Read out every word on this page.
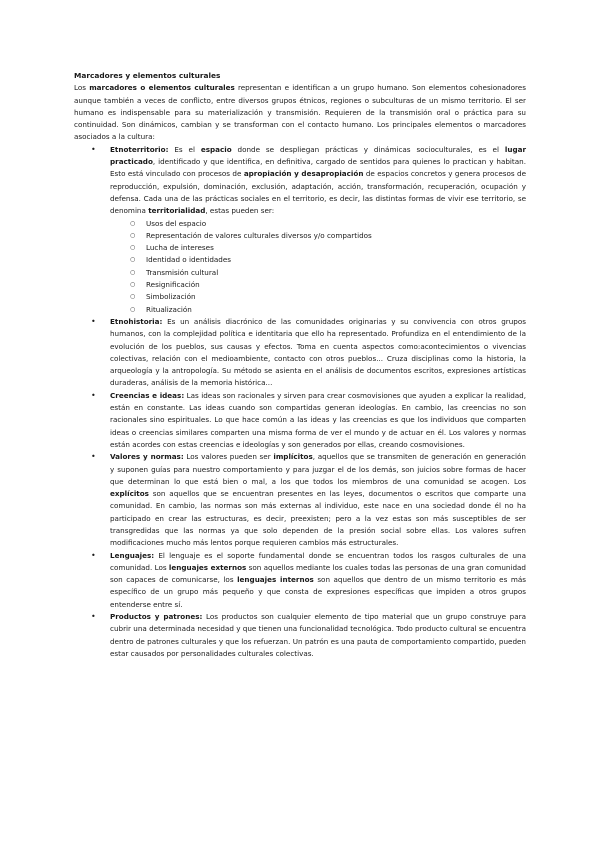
Marcadores y elementos culturales

Los marcadores o elementos culturales representan e identifican a un grupo humano. Son elementos cohesionadores aunque también a veces de conflicto, entre diversos grupos étnicos, regiones o subculturas de un mismo territorio. El ser humano es indispensable para su materialización y transmisión. Requieren de la transmisión oral o práctica para su continuidad. Son dinámicos, cambian y se transforman con el contacto humano. Los principales elementos o marcadores asociados a la cultura:

• Etnoterritorio: Es el espacio donde se despliegan prácticas y dinámicas socioculturales, es el lugar practicado, identificado y que identifica, en definitiva, cargado de sentidos para quienes lo practican y habitan. Esto está vinculado con procesos de apropiación y desapropiación de espacios concretos y genera procesos de reproducción, expulsión, dominación, exclusión, adaptación, acción, transformación, recuperación, ocupación y defensa. Cada una de las prácticas sociales en el territorio, es decir, las distintas formas de vivir ese territorio, se denomina territorialidad, estas pueden ser:
○ Usos del espacio
○ Representación de valores culturales diversos y/o compartidos
○ Lucha de intereses
○ Identidad o identidades
○ Transmisión cultural
○ Resignificación
○ Simbolización
○ Ritualización
• Etnohistoria: Es un análisis diacrónico de las comunidades originarias y su convivencia con otros grupos humanos, con la complejidad política e identitaria que ello ha representado. Profundiza en el entendimiento de la evolución de los pueblos, sus causas y efectos. Toma en cuenta aspectos como:acontecimientos o vivencias colectivas, relación con el medioambiente, contacto con otros pueblos... Cruza disciplinas como la historia, la arqueología y la antropología. Su método se asienta en el análisis de documentos escritos, expresiones artísticas duraderas, análisis de la memoria histórica...
• Creencias e ideas: Las ideas son racionales y sirven para crear cosmovisiones que ayuden a explicar la realidad, están en constante. Las ideas cuando son compartidas generan ideologías. En cambio, las creencias no son racionales sino espirituales. Lo que hace común a las ideas y las creencias es que los individuos que comparten ideas o creencias similares comparten una misma forma de ver el mundo y de actuar en él. Los valores y normas están acordes con estas creencias e ideologías y son generados por ellas, creando cosmovisiones.
• Valores y normas: Los valores pueden ser implícitos, aquellos que se transmiten de generación en generación y suponen guías para nuestro comportamiento y para juzgar el de los demás, son juicios sobre formas de hacer que determinan lo que está bien o mal, a los que todos los miembros de una comunidad se acogen. Los explícitos son aquellos que se encuentran presentes en las leyes, documentos o escritos que comparte una comunidad. En cambio, las normas son más externas al individuo, este nace en una sociedad donde él no ha participado en crear las estructuras, es decir, preexisten; pero a la vez estas son más susceptibles de ser transgredidas que las normas ya que solo dependen de la presión social sobre ellas. Los valores sufren modificaciones mucho más lentos porque requieren cambios más estructurales.
• Lenguajes: El lenguaje es el soporte fundamental donde se encuentran todos los rasgos culturales de una comunidad. Los lenguajes externos son aquellos mediante los cuales todas las personas de una gran comunidad son capaces de comunicarse, los lenguajes internos son aquellos que dentro de un mismo territorio es más específico de un grupo más pequeño y que consta de expresiones específicas que impiden a otros grupos entenderse entre sí.
• Productos y patrones: Los productos son cualquier elemento de tipo material que un grupo construye para cubrir una determinada necesidad y que tienen una funcionalidad tecnológica. Todo producto cultural se encuentra dentro de patrones culturales y que los refuerzan. Un patrón es una pauta de comportamiento compartido, pueden estar causados por personalidades culturales colectivas.
